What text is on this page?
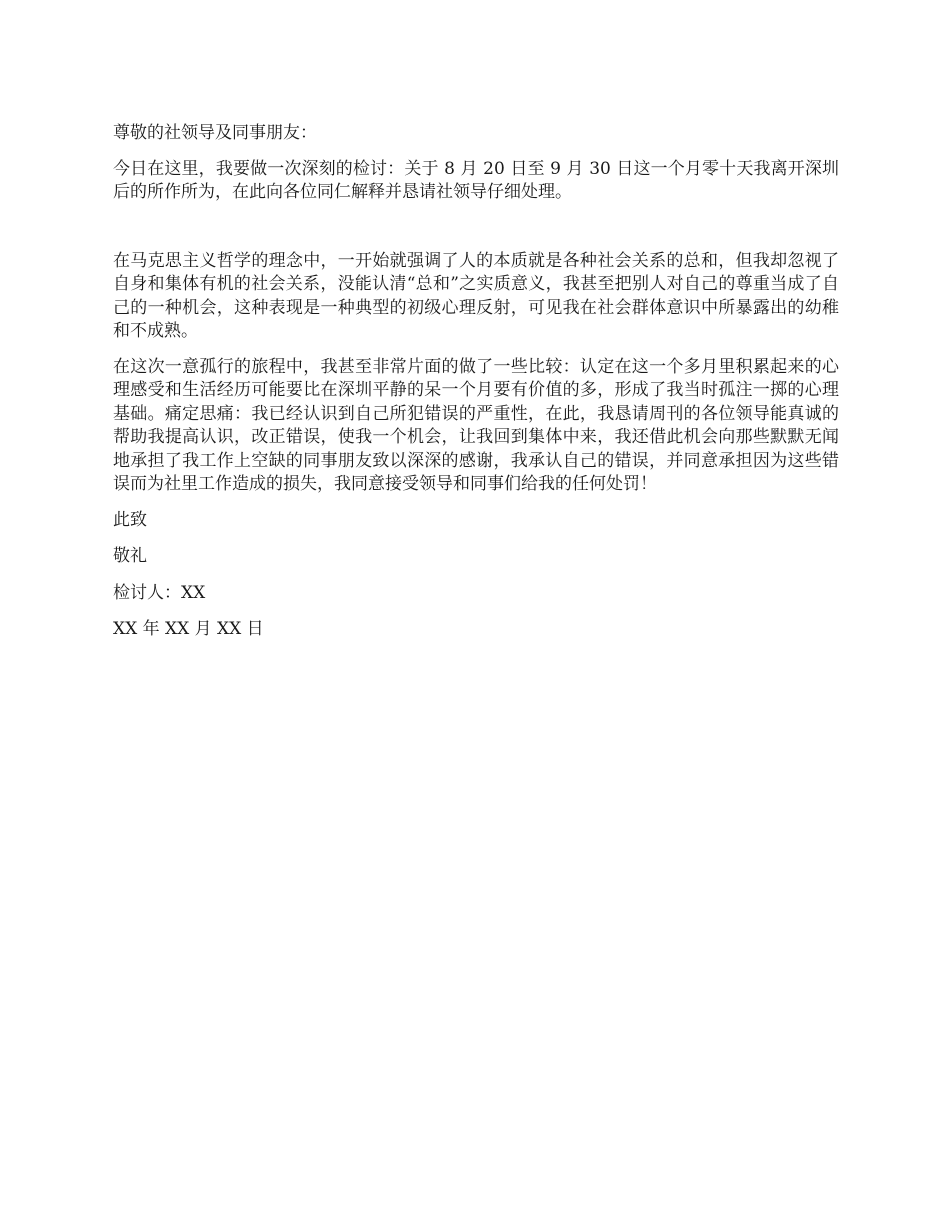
尊敬的社领导及同事朋友：

今日在这里，我要做一次深刻的检讨：关于 8 月 20 日至 9 月 30 日这一个月零十天我离开深圳后的所作所为，在此向各位同仁解释并恳请社领导仔细处理。

在马克思主义哲学的理念中，一开始就强调了人的本质就是各种社会关系的总和，但我却忽视了自身和集体有机的社会关系，没能认清“总和”之实质意义，我甚至把别人对自己的尊重当成了自己的一种机会，这种表现是一种典型的初级心理反射，可见我在社会群体意识中所暴露出的幼稚和不成熟。

在这次一意孤行的旅程中，我甚至非常片面的做了一些比较：认定在这一个多月里积累起来的心理感受和生活经历可能要比在深圳平静的呆一个月要有价值的多，形成了我当时孤注一掷的心理基础。痛定思痛：我已经认识到自己所犯错误的严重性，在此，我恳请周刊的各位领导能真诚的帮助我提高认识，改正错误，使我一个机会，让我回到集体中来，我还借此机会向那些默默无闻地承担了我工作上空缺的同事朋友致以深深的感谢，我承认自己的错误，并同意承担因为这些错误而为社里工作造成的损失，我同意接受领导和同事们给我的任何处罚！

此致

敬礼

检讨人：XX

XX 年 XX 月 XX 日
